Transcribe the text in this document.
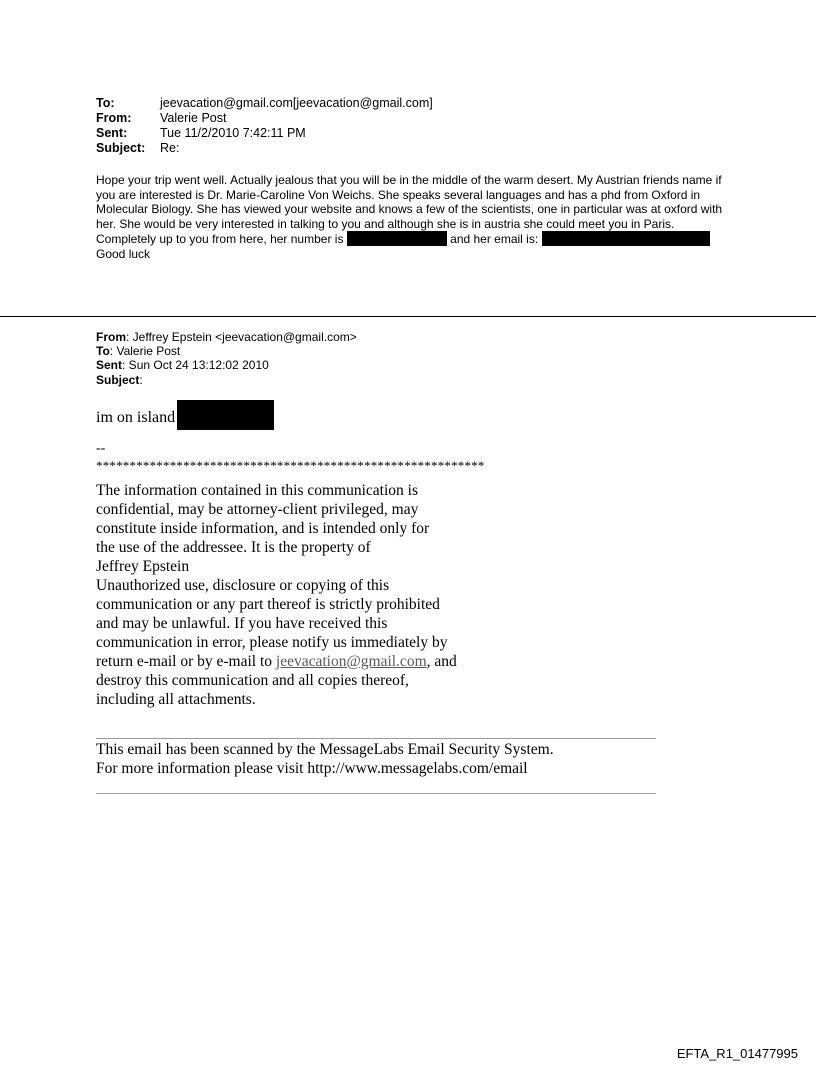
To:	jeevacation@gmail.com[jeevacation@gmail.com]
From:	Valerie Post
Sent:	Tue 11/2/2010 7:42:11 PM
Subject:	Re:
Hope your trip went well. Actually jealous that you will be in the middle of the warm desert. My Austrian friends name if you are interested is Dr. Marie-Caroline Von Weichs. She speaks several languages and has a phd from Oxford in Molecular Biology. She has viewed your website and knows a few of the scientists, one in particular was at oxford with her. She would be very interested in talking to you and although she is in austria she could meet you in Paris.
Completely up to you from here, her number is	and her email is:
Good luck
From: Jeffrey Epstein <jeevacation@gmail.com>
To: Valerie Post
Sent: Sun Oct 24 13:12:02 2010
Subject:
im on island
--
**********************************************************
The information contained in this communication is
confidential, may be attorney-client privileged, may
constitute inside information, and is intended only for
the use of the addressee. It is the property of
Jeffrey Epstein
Unauthorized use, disclosure or copying of this
communication or any part thereof is strictly prohibited
and may be unlawful. If you have received this
communication in error, please notify us immediately by
return e-mail or by e-mail to jeevacation@gmail.com, and
destroy this communication and all copies thereof,
including all attachments.
This email has been scanned by the MessageLabs Email Security System.
For more information please visit http://www.messagelabs.com/email
EFTA_R1_01477995
